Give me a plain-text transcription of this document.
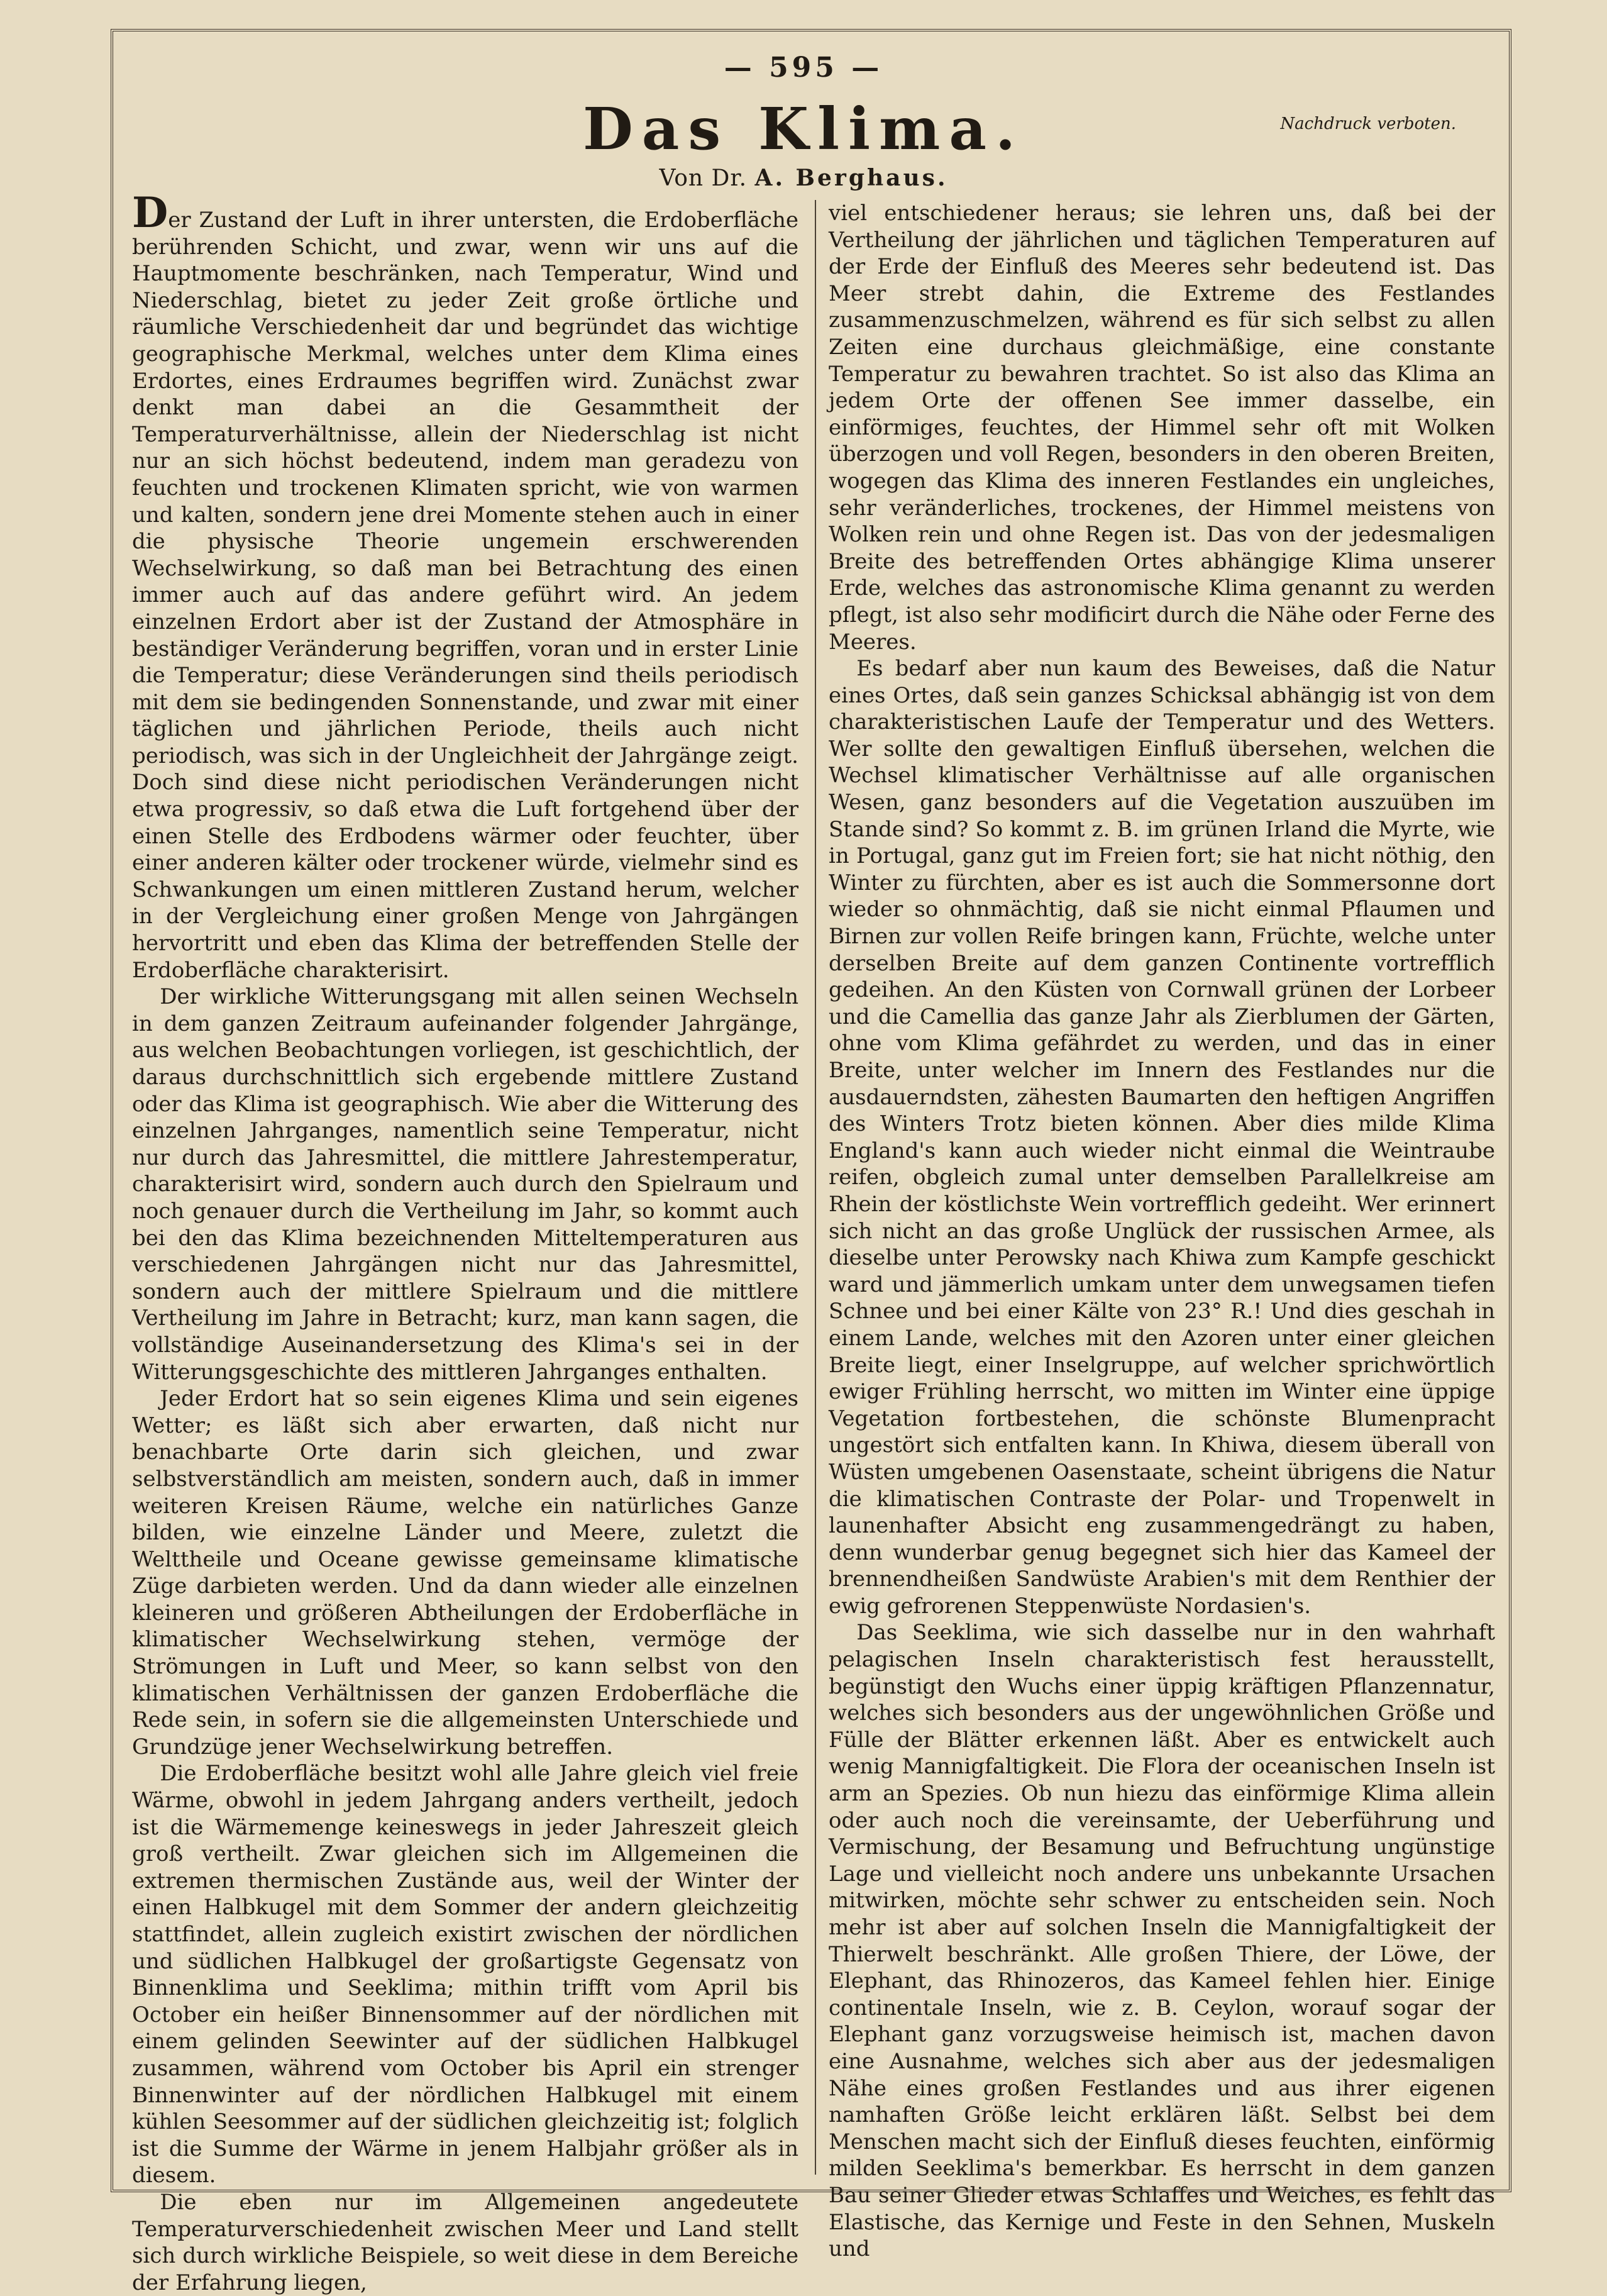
— 595 —
Das Klima.	Nachdruck verboten.
Von Dr. A. Berghaus.

Der Zustand der Luft in ihrer untersten, die Erdoberfläche berührenden Schicht, und zwar, wenn wir uns auf die Hauptmomente beschränken, nach Temperatur, Wind und Niederschlag, bietet zu jeder Zeit große örtliche und räumliche Verschiedenheit dar und begründet das wichtige geographische Merkmal, welches unter dem Klima eines Erdortes, eines Erdraumes begriffen wird. Zunächst zwar denkt man dabei an die Gesammtheit der Temperaturverhältnisse, allein der Niederschlag ist nicht nur an sich höchst bedeutend, indem man geradezu von feuchten und trockenen Klimaten spricht, wie von warmen und kalten, sondern jene drei Momente stehen auch in einer die physische Theorie ungemein erschwerenden Wechselwirkung, so daß man bei Betrachtung des einen immer auch auf das andere geführt wird. An jedem einzelnen Erdort aber ist der Zustand der Atmosphäre in beständiger Veränderung begriffen, voran und in erster Linie die Temperatur; diese Veränderungen sind theils periodisch mit dem sie bedingenden Sonnenstande, und zwar mit einer täglichen und jährlichen Periode, theils auch nicht periodisch, was sich in der Ungleichheit der Jahrgänge zeigt. Doch sind diese nicht periodischen Veränderungen nicht etwa progressiv, so daß etwa die Luft fortgehend über der einen Stelle des Erdbodens wärmer oder feuchter, über einer anderen kälter oder trockener würde, vielmehr sind es Schwankungen um einen mittleren Zustand herum, welcher in der Vergleichung einer großen Menge von Jahrgängen hervortritt und eben das Klima der betreffenden Stelle der Erdoberfläche charakterisirt.

Der wirkliche Witterungsgang mit allen seinen Wechseln in dem ganzen Zeitraum aufeinander folgender Jahrgänge, aus welchen Beobachtungen vorliegen, ist geschichtlich, der daraus durchschnittlich sich ergebende mittlere Zustand oder das Klima ist geographisch. Wie aber die Witterung des einzelnen Jahrganges, namentlich seine Temperatur, nicht nur durch das Jahresmittel, die mittlere Jahrestemperatur, charakterisirt wird, sondern auch durch den Spielraum und noch genauer durch die Vertheilung im Jahr, so kommt auch bei den das Klima bezeichnenden Mitteltemperaturen aus verschiedenen Jahrgängen nicht nur das Jahresmittel, sondern auch der mittlere Spielraum und die mittlere Vertheilung im Jahre in Betracht; kurz, man kann sagen, die vollständige Auseinandersetzung des Klima's sei in der Witterungsgeschichte des mittleren Jahrganges enthalten.

Jeder Erdort hat so sein eigenes Klima und sein eigenes Wetter; es läßt sich aber erwarten, daß nicht nur benachbarte Orte darin sich gleichen, und zwar selbstverständlich am meisten, sondern auch, daß in immer weiteren Kreisen Räume, welche ein natürliches Ganze bilden, wie einzelne Länder und Meere, zuletzt die Welttheile und Oceane gewisse gemeinsame klimatische Züge darbieten werden. Und da dann wieder alle einzelnen kleineren und größeren Abtheilungen der Erdoberfläche in klimatischer Wechselwirkung stehen, vermöge der Strömungen in Luft und Meer, so kann selbst von den klimatischen Verhältnissen der ganzen Erdoberfläche die Rede sein, in sofern sie die allgemeinsten Unterschiede und Grundzüge jener Wechselwirkung betreffen.

Die Erdoberfläche besitzt wohl alle Jahre gleich viel freie Wärme, obwohl in jedem Jahrgang anders vertheilt, jedoch ist die Wärmemenge keineswegs in jeder Jahreszeit gleich groß vertheilt. Zwar gleichen sich im Allgemeinen die extremen thermischen Zustände aus, weil der Winter der einen Halbkugel mit dem Sommer der andern gleichzeitig stattfindet, allein zugleich existirt zwischen der nördlichen und südlichen Halbkugel der großartigste Gegensatz von Binnenklima und Seeklima; mithin trifft vom April bis October ein heißer Binnensommer auf der nördlichen mit einem gelinden Seewinter auf der südlichen Halbkugel zusammen, während vom October bis April ein strenger Binnenwinter auf der nördlichen Halbkugel mit einem kühlen Seesommer auf der südlichen gleichzeitig ist; folglich ist die Summe der Wärme in jenem Halbjahr größer als in diesem.

Die eben nur im Allgemeinen angedeutete Temperaturverschiedenheit zwischen Meer und Land stellt sich durch wirkliche Beispiele, so weit diese in dem Bereiche der Erfahrung liegen,

viel entschiedener heraus; sie lehren uns, daß bei der Vertheilung der jährlichen und täglichen Temperaturen auf der Erde der Einfluß des Meeres sehr bedeutend ist. Das Meer strebt dahin, die Extreme des Festlandes zusammenzuschmelzen, während es für sich selbst zu allen Zeiten eine durchaus gleichmäßige, eine constante Temperatur zu bewahren trachtet. So ist also das Klima an jedem Orte der offenen See immer dasselbe, ein einförmiges, feuchtes, der Himmel sehr oft mit Wolken überzogen und voll Regen, besonders in den oberen Breiten, wogegen das Klima des inneren Festlandes ein ungleiches, sehr veränderliches, trockenes, der Himmel meistens von Wolken rein und ohne Regen ist. Das von der jedesmaligen Breite des betreffenden Ortes abhängige Klima unserer Erde, welches das astronomische Klima genannt zu werden pflegt, ist also sehr modificirt durch die Nähe oder Ferne des Meeres.

Es bedarf aber nun kaum des Beweises, daß die Natur eines Ortes, daß sein ganzes Schicksal abhängig ist von dem charakteristischen Laufe der Temperatur und des Wetters. Wer sollte den gewaltigen Einfluß übersehen, welchen die Wechsel klimatischer Verhältnisse auf alle organischen Wesen, ganz besonders auf die Vegetation auszuüben im Stande sind? So kommt z. B. im grünen Irland die Myrte, wie in Portugal, ganz gut im Freien fort; sie hat nicht nöthig, den Winter zu fürchten, aber es ist auch die Sommersonne dort wieder so ohnmächtig, daß sie nicht einmal Pflaumen und Birnen zur vollen Reife bringen kann, Früchte, welche unter derselben Breite auf dem ganzen Continente vortrefflich gedeihen. An den Küsten von Cornwall grünen der Lorbeer und die Camellia das ganze Jahr als Zierblumen der Gärten, ohne vom Klima gefährdet zu werden, und das in einer Breite, unter welcher im Innern des Festlandes nur die ausdauerndsten, zähesten Baumarten den heftigen Angriffen des Winters Trotz bieten können. Aber dies milde Klima England's kann auch wieder nicht einmal die Weintraube reifen, obgleich zumal unter demselben Parallelkreise am Rhein der köstlichste Wein vortrefflich gedeiht. Wer erinnert sich nicht an das große Unglück der russischen Armee, als dieselbe unter Perowsky nach Khiwa zum Kampfe geschickt ward und jämmerlich umkam unter dem unwegsamen tiefen Schnee und bei einer Kälte von 23° R.! Und dies geschah in einem Lande, welches mit den Azoren unter einer gleichen Breite liegt, einer Inselgruppe, auf welcher sprichwörtlich ewiger Frühling herrscht, wo mitten im Winter eine üppige Vegetation fortbestehen, die schönste Blumenpracht ungestört sich entfalten kann. In Khiwa, diesem überall von Wüsten umgebenen Oasenstaate, scheint übrigens die Natur die klimatischen Contraste der Polar- und Tropenwelt in launenhafter Absicht eng zusammengedrängt zu haben, denn wunderbar genug begegnet sich hier das Kameel der brennendheißen Sandwüste Arabien's mit dem Renthier der ewig gefrorenen Steppenwüste Nordasien's.

Das Seeklima, wie sich dasselbe nur in den wahrhaft pelagischen Inseln charakteristisch fest herausstellt, begünstigt den Wuchs einer üppig kräftigen Pflanzennatur, welches sich besonders aus der ungewöhnlichen Größe und Fülle der Blätter erkennen läßt. Aber es entwickelt auch wenig Mannigfaltigkeit. Die Flora der oceanischen Inseln ist arm an Spezies. Ob nun hiezu das einförmige Klima allein oder auch noch die vereinsamte, der Ueberführung und Vermischung, der Besamung und Befruchtung ungünstige Lage und vielleicht noch andere uns unbekannte Ursachen mitwirken, möchte sehr schwer zu entscheiden sein. Noch mehr ist aber auf solchen Inseln die Mannigfaltigkeit der Thierwelt beschränkt. Alle großen Thiere, der Löwe, der Elephant, das Rhinozeros, das Kameel fehlen hier. Einige continentale Inseln, wie z. B. Ceylon, worauf sogar der Elephant ganz vorzugsweise heimisch ist, machen davon eine Ausnahme, welches sich aber aus der jedesmaligen Nähe eines großen Festlandes und aus ihrer eigenen namhaften Größe leicht erklären läßt. Selbst bei dem Menschen macht sich der Einfluß dieses feuchten, einförmig milden Seeklima's bemerkbar. Es herrscht in dem ganzen Bau seiner Glieder etwas Schlaffes und Weiches, es fehlt das Elastische, das Kernige und Feste in den Sehnen, Muskeln und
